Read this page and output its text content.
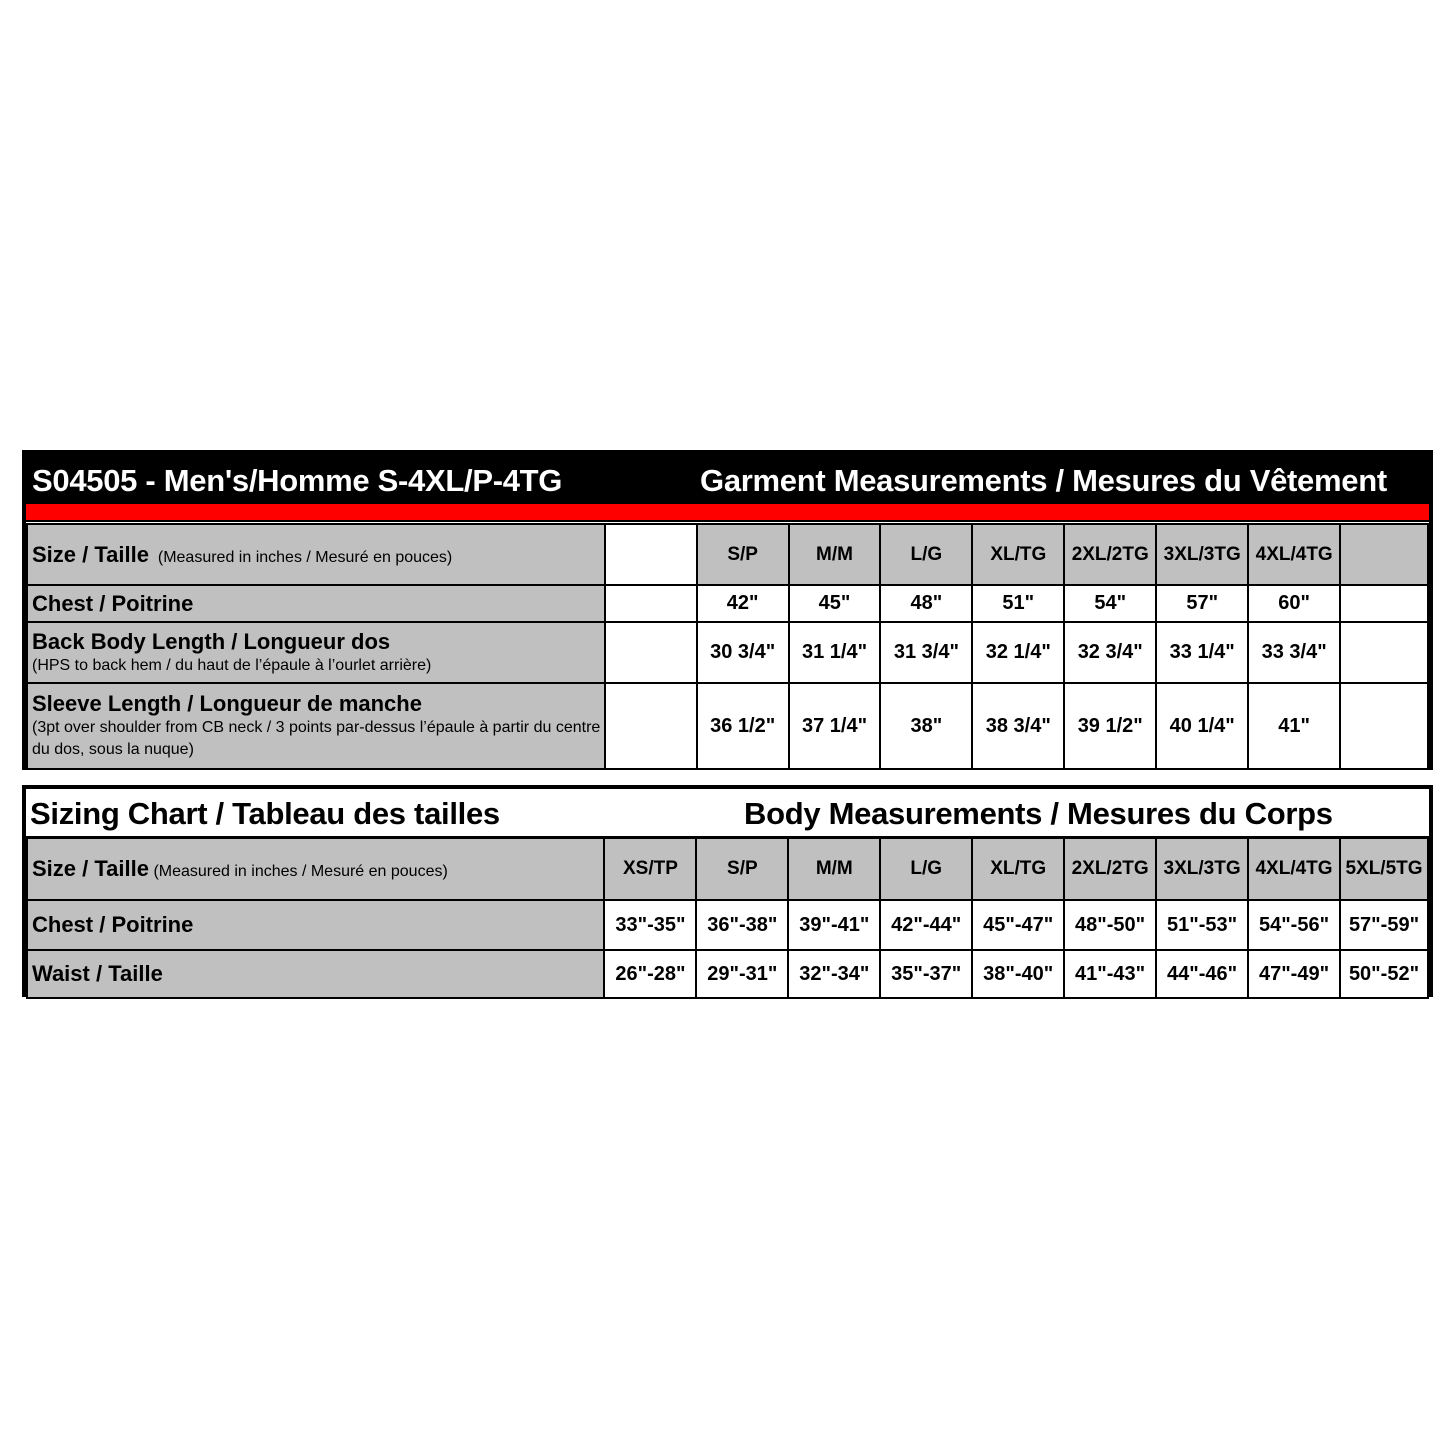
S04505 - Men's/Homme S-4XL/P-4TG	Garment Measurements / Mesures du Vêtement
Size / Taille (Measured in inches / Mesuré en pouces)		S/P	M/M	L/G	XL/TG	2XL/2TG	3XL/3TG	4XL/4TG	
Chest / Poitrine		42"	45"	48"	51"	54"	57"	60"	
Back Body Length / Longueur dos
(HPS to back hem / du haut de l’épaule à l’ourlet arrière)		30 3/4"	31 1/4"	31 3/4"	32 1/4"	32 3/4"	33 1/4"	33 3/4"	
Sleeve Length / Longueur de manche
(3pt over shoulder from CB neck / 3 points par-dessus l’épaule à partir du centre du dos, sous la nuque)		36 1/2"	37 1/4"	38"	38 3/4"	39 1/2"	40 1/4"	41"	
Sizing Chart / Tableau des tailles	Body Measurements / Mesures du Corps
Size / Taille (Measured in inches / Mesuré en pouces)	XS/TP	S/P	M/M	L/G	XL/TG	2XL/2TG	3XL/3TG	4XL/4TG	5XL/5TG
Chest / Poitrine	33"-35"	36"-38"	39"-41"	42"-44"	45"-47"	48"-50"	51"-53"	54"-56"	57"-59"
Waist / Taille	26"-28"	29"-31"	32"-34"	35"-37"	38"-40"	41"-43"	44"-46"	47"-49"	50"-52"
